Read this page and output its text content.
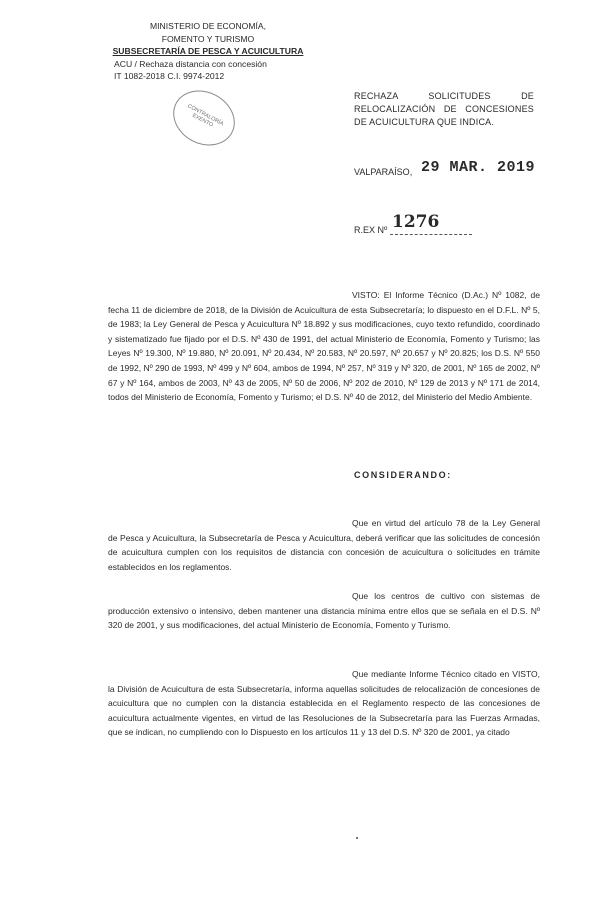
MINISTERIO DE ECONOMÍA,
FOMENTO Y TURISMO
SUBSECRETARÍA DE PESCA Y ACUICULTURA
ACU / Rechaza distancia con concesión
IT 1082-2018 C.I. 9974-2012
CONTRALORÍA EXENTO
RECHAZA SOLICITUDES DE RELOCALIZACIÓN DE CONCESIONES DE ACUICULTURA QUE INDICA.
VALPARAÍSO, 29 MAR. 2019
R.EX Nº 1276
VISTO: El Informe Técnico (D.Ac.) Nº 1082, de fecha 11 de diciembre de 2018, de la División de Acuicultura de esta Subsecretaría; lo dispuesto en el D.F.L. Nº 5, de 1983; la Ley General de Pesca y Acuicultura Nº 18.892 y sus modificaciones, cuyo texto refundido, coordinado y sistematizado fue fijado por el D.S. Nº 430 de 1991, del actual Ministerio de Economía, Fomento y Turismo; las Leyes Nº 19.300, Nº 19.880, Nº 20.091, Nº 20.434, Nº 20.583, Nº 20.597, Nº 20.657 y Nº 20.825; los D.S. Nº 550 de 1992, Nº 290 de 1993, Nº 499 y Nº 604, ambos de 1994, Nº 257, Nº 319 y Nº 320, de 2001, Nº 165 de 2002, Nº 67 y Nº 164, ambos de 2003, Nº 43 de 2005, Nº 50 de 2006, Nº 202 de 2010, Nº 129 de 2013 y Nº 171 de 2014, todos del Ministerio de Economía, Fomento y Turismo; el D.S. Nº 40 de 2012, del Ministerio del Medio Ambiente.
CONSIDERANDO:
Que en virtud del artículo 78 de la Ley General de Pesca y Acuicultura, la Subsecretaría de Pesca y Acuicultura, deberá verificar que las solicitudes de concesión de acuicultura cumplen con los requisitos de distancia con concesión de acuicultura o solicitudes en trámite establecidos en los reglamentos.
Que los centros de cultivo con sistemas de producción extensivo o intensivo, deben mantener una distancia mínima entre ellos que se señala en el D.S. Nº 320 de 2001, y sus modificaciones, del actual Ministerio de Economía, Fomento y Turismo.
Que mediante Informe Técnico citado en VISTO, la División de Acuicultura de esta Subsecretaría, informa aquellas solicitudes de relocalización de concesiones de acuicultura que no cumplen con la distancia establecida en el Reglamento respecto de las concesiones de acuicultura actualmente vigentes, en virtud de las Resoluciones de la Subsecretaría para las Fuerzas Armadas, que se indican, no cumpliendo con lo Dispuesto en los artículos 11 y 13 del D.S. Nº 320 de 2001, ya citado
